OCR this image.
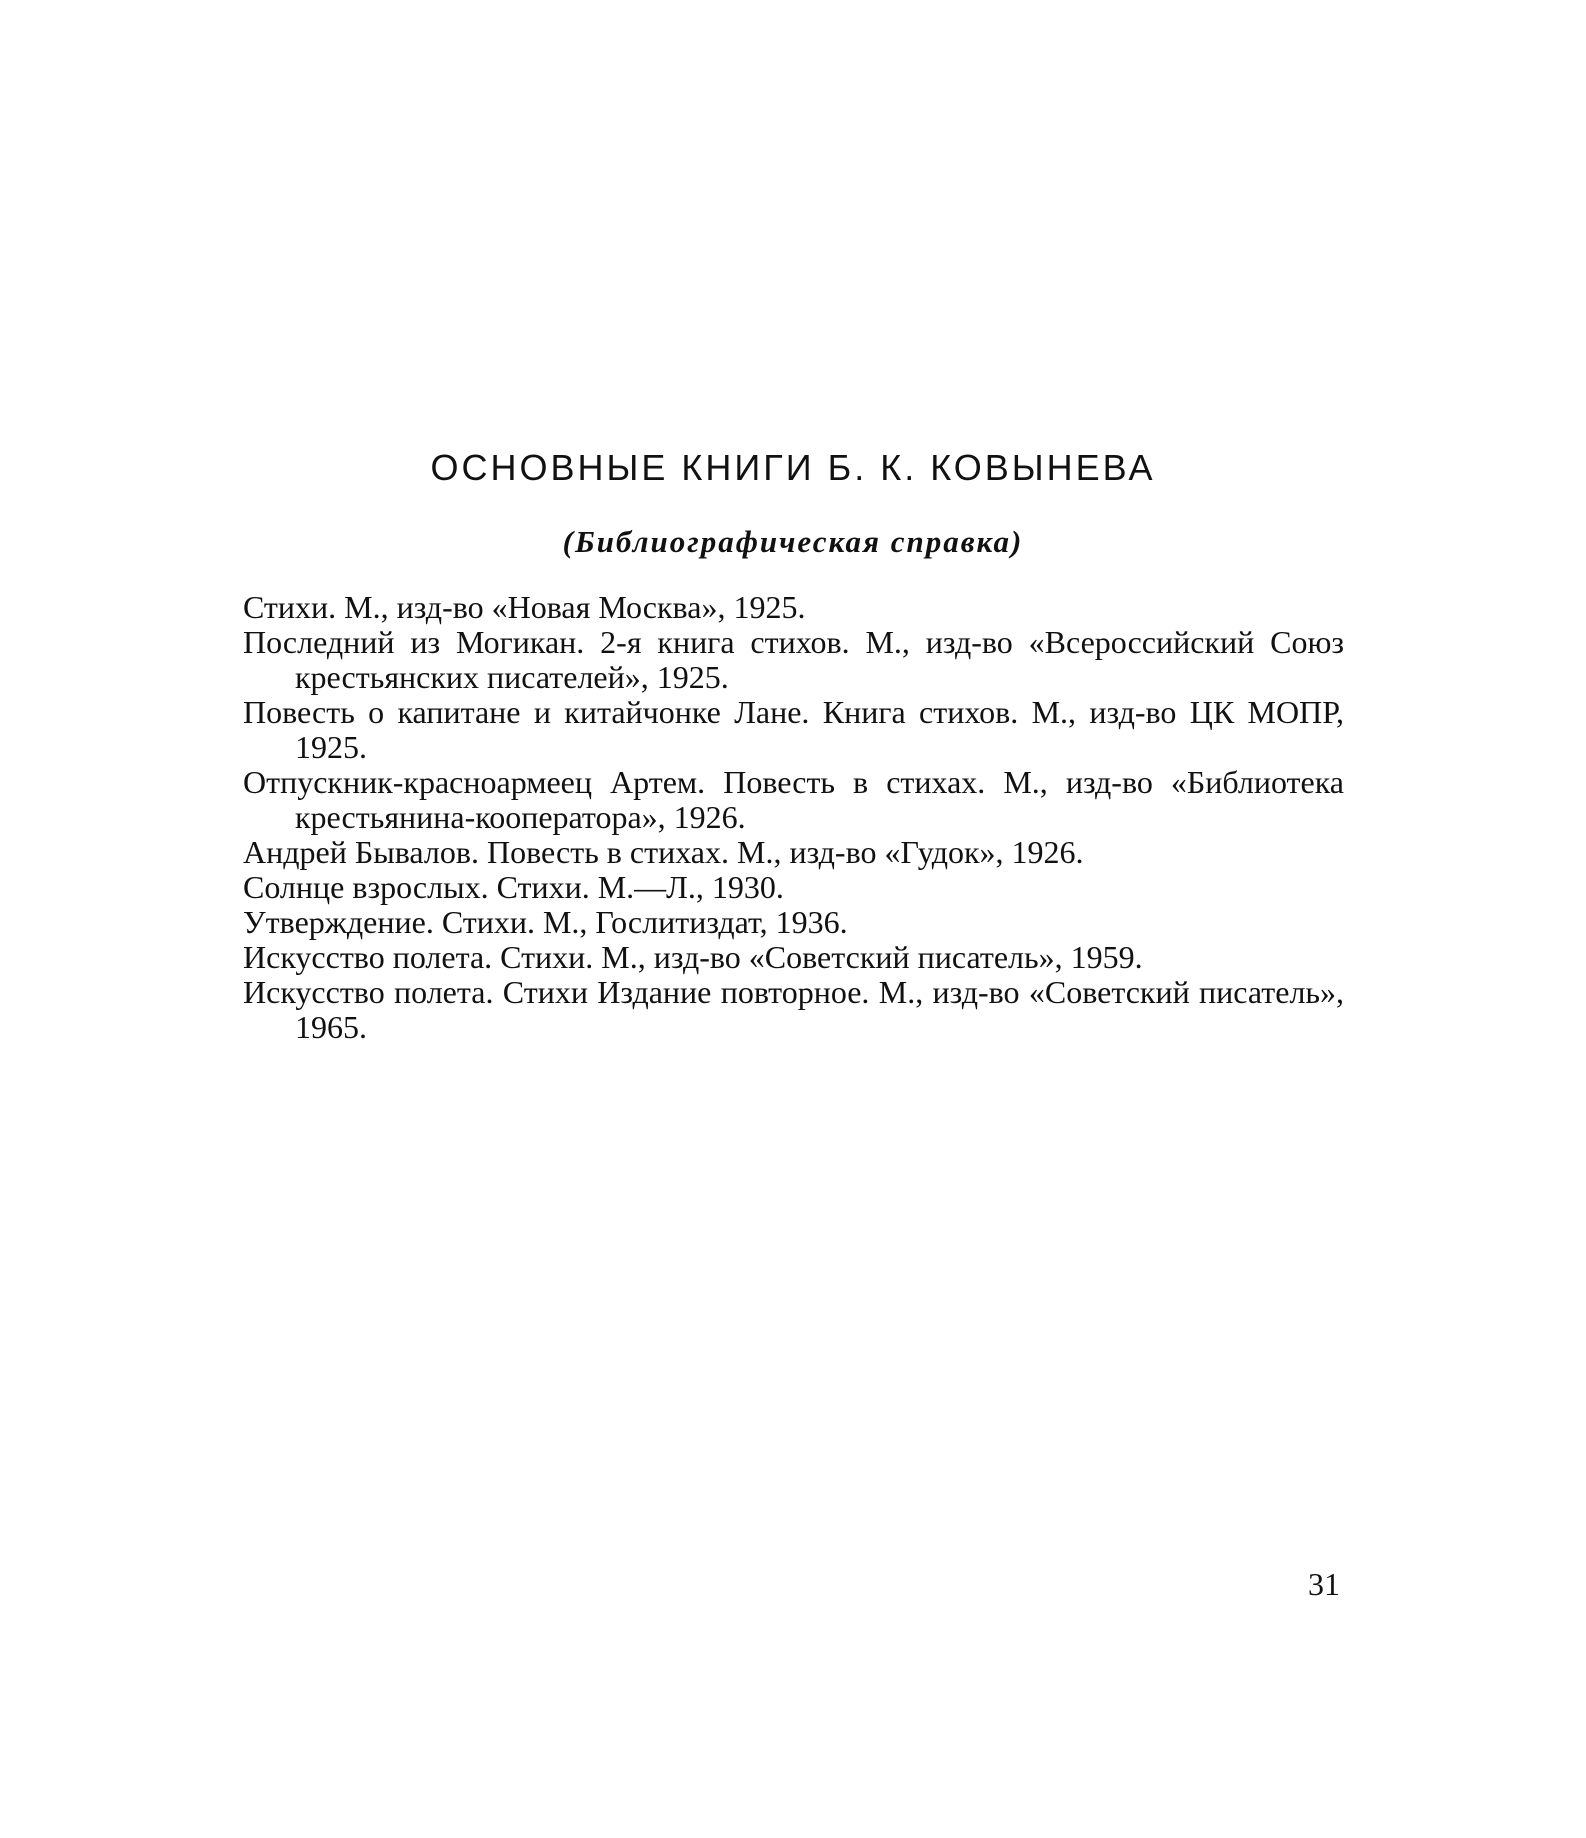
ОСНОВНЫЕ КНИГИ Б. К. КОВЫНЕВА
(Библиографическая справка)
Стихи. М., изд-во «Новая Москва», 1925.
Последний из Могикан. 2-я книга стихов. М., изд-во «Всероссийский Союз крестьянских писателей», 1925.
Повесть о капитане и китайчонке Лане. Книга стихов. М., изд-во ЦК МОПР, 1925.
Отпускник-красноармеец Артем. Повесть в стихах. М., изд-во «Библиотека крестьянина-кооператора», 1926.
Андрей Бывалов. Повесть в стихах. М., изд-во «Гудок», 1926.
Солнце взрослых. Стихи. М.—Л., 1930.
Утверждение. Стихи. М., Гослитиздат, 1936.
Искусство полета. Стихи. М., изд-во «Советский писатель», 1959.
Искусство полета. Стихи Издание повторное. М., изд-во «Советский писатель», 1965.
31
